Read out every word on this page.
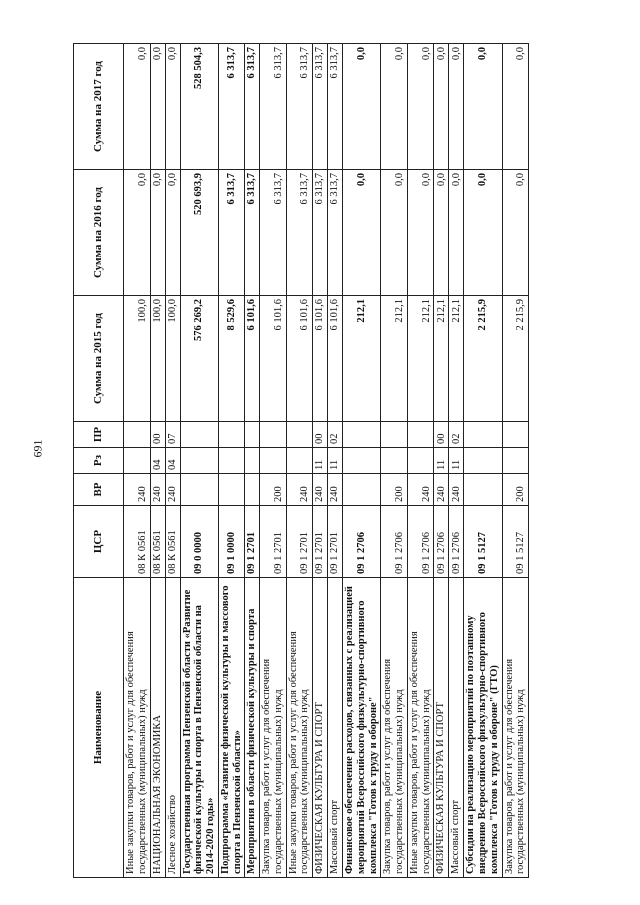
691
Наименование	ЦСР	ВР	Рз	ПР	Сумма на 2015 год	Сумма на 2016 год	Сумма на 2017 год
Иные закупки товаров, работ и услуг для обеспечения государственных (муниципальных) нужд	08 К 0561	240			100,0	0,0	0,0
НАЦИОНАЛЬНАЯ ЭКОНОМИКА	08 К 0561	240	04	00	100,0	0,0	0,0
Лесное хозяйство	08 К 0561	240	04	07	100,0	0,0	0,0
Государственная программа Пензенской области «Развитие физической культуры и спорта в Пензенской области на 2014-2020 годы»	09 0 0000				576 269,2	520 693,9	528 504,3
Подпрограмма «Развитие физической культуры и массового спорта в Пензенской области»	09 1 0000				8 529,6	6 313,7	6 313,7
Мероприятия в области физической культуры и спорта	09 1 2701				6 101,6	6 313,7	6 313,7
Закупка товаров, работ и услуг для обеспечения государственных (муниципальных) нужд	09 1 2701	200			6 101,6	6 313,7	6 313,7
Иные закупки товаров, работ и услуг для обеспечения государственных (муниципальных) нужд	09 1 2701	240			6 101,6	6 313,7	6 313,7
ФИЗИЧЕСКАЯ КУЛЬТУРА И СПОРТ	09 1 2701	240	11	00	6 101,6	6 313,7	6 313,7
Массовый спорт	09 1 2701	240	11	02	6 101,6	6 313,7	6 313,7
Финансовое обеспечение расходов, связанных с реализацией мероприятий Всероссийского физкультурно-спортивного комплекса "Готов к труду и обороне"	09 1 2706				212,1	0,0	0,0
Закупка товаров, работ и услуг для обеспечения государственных (муниципальных) нужд	09 1 2706	200			212,1	0,0	0,0
Иные закупки товаров, работ и услуг для обеспечения государственных (муниципальных) нужд	09 1 2706	240			212,1	0,0	0,0
ФИЗИЧЕСКАЯ КУЛЬТУРА И СПОРТ	09 1 2706	240	11	00	212,1	0,0	0,0
Массовый спорт	09 1 2706	240	11	02	212,1	0,0	0,0
Субсидии на реализацию мероприятий по поэтапному внедрению Всероссийского физкультурно-спортивного комплекса "Готов к труду и обороне" (ГТО)	09 1 5127				2 215,9	0,0	0,0
Закупка товаров, работ и услуг для обеспечения государственных (муниципальных) нужд	09 1 5127	200			2 215,9	0,0	0,0
